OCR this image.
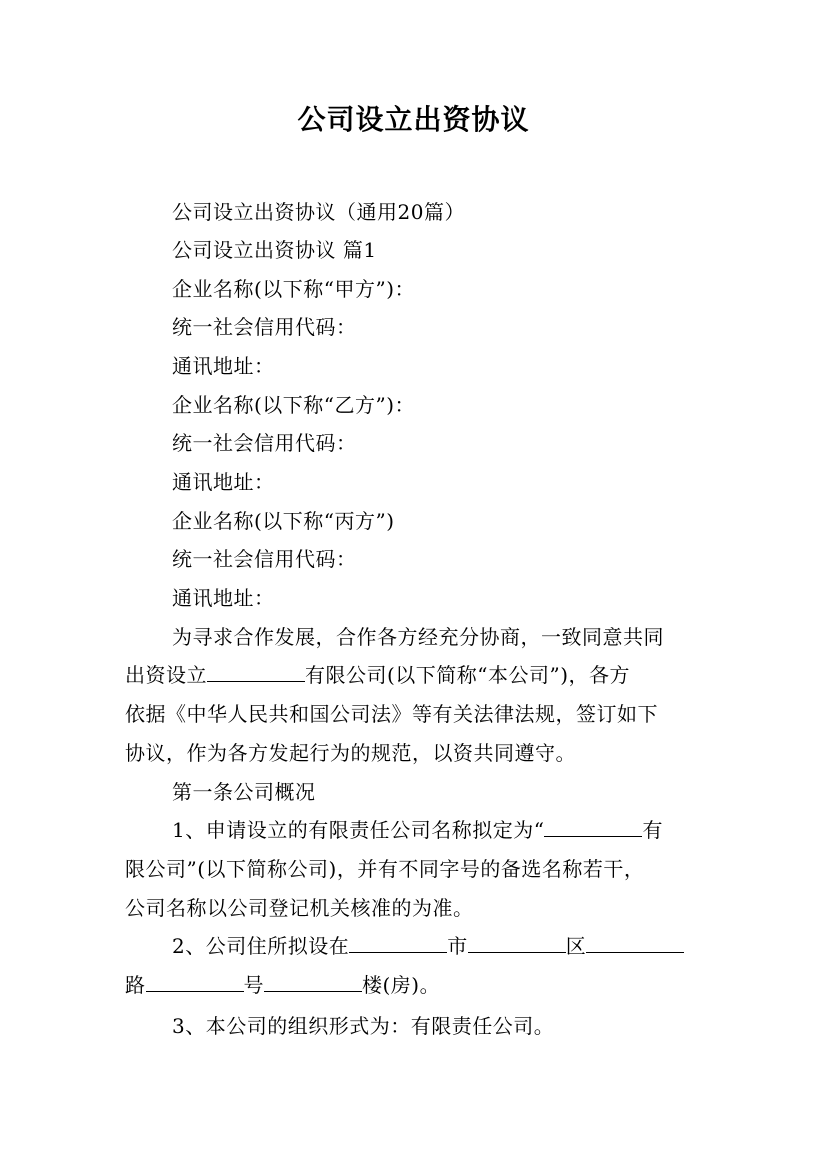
公司设立出资协议
公司设立出资协议（通用20篇）
公司设立出资协议 篇1
企业名称(以下称“甲方”)：
统一社会信用代码：
通讯地址：
企业名称(以下称“乙方”)：
统一社会信用代码：
通讯地址：
企业名称(以下称“丙方”)
统一社会信用代码：
通讯地址：
为寻求合作发展，合作各方经充分协商，一致同意共同
出资设立	有限公司(以下简称“本公司”)，各方
依据《中华人民共和国公司法》等有关法律法规，签订如下
协议，作为各方发起行为的规范，以资共同遵守。
第一条公司概况
1、申请设立的有限责任公司名称拟定为“	有
限公司”(以下简称公司)，并有不同字号的备选名称若干，
公司名称以公司登记机关核准的为准。
2、公司住所拟设在	市	区
路	号	楼(房)。
3、本公司的组织形式为：有限责任公司。
